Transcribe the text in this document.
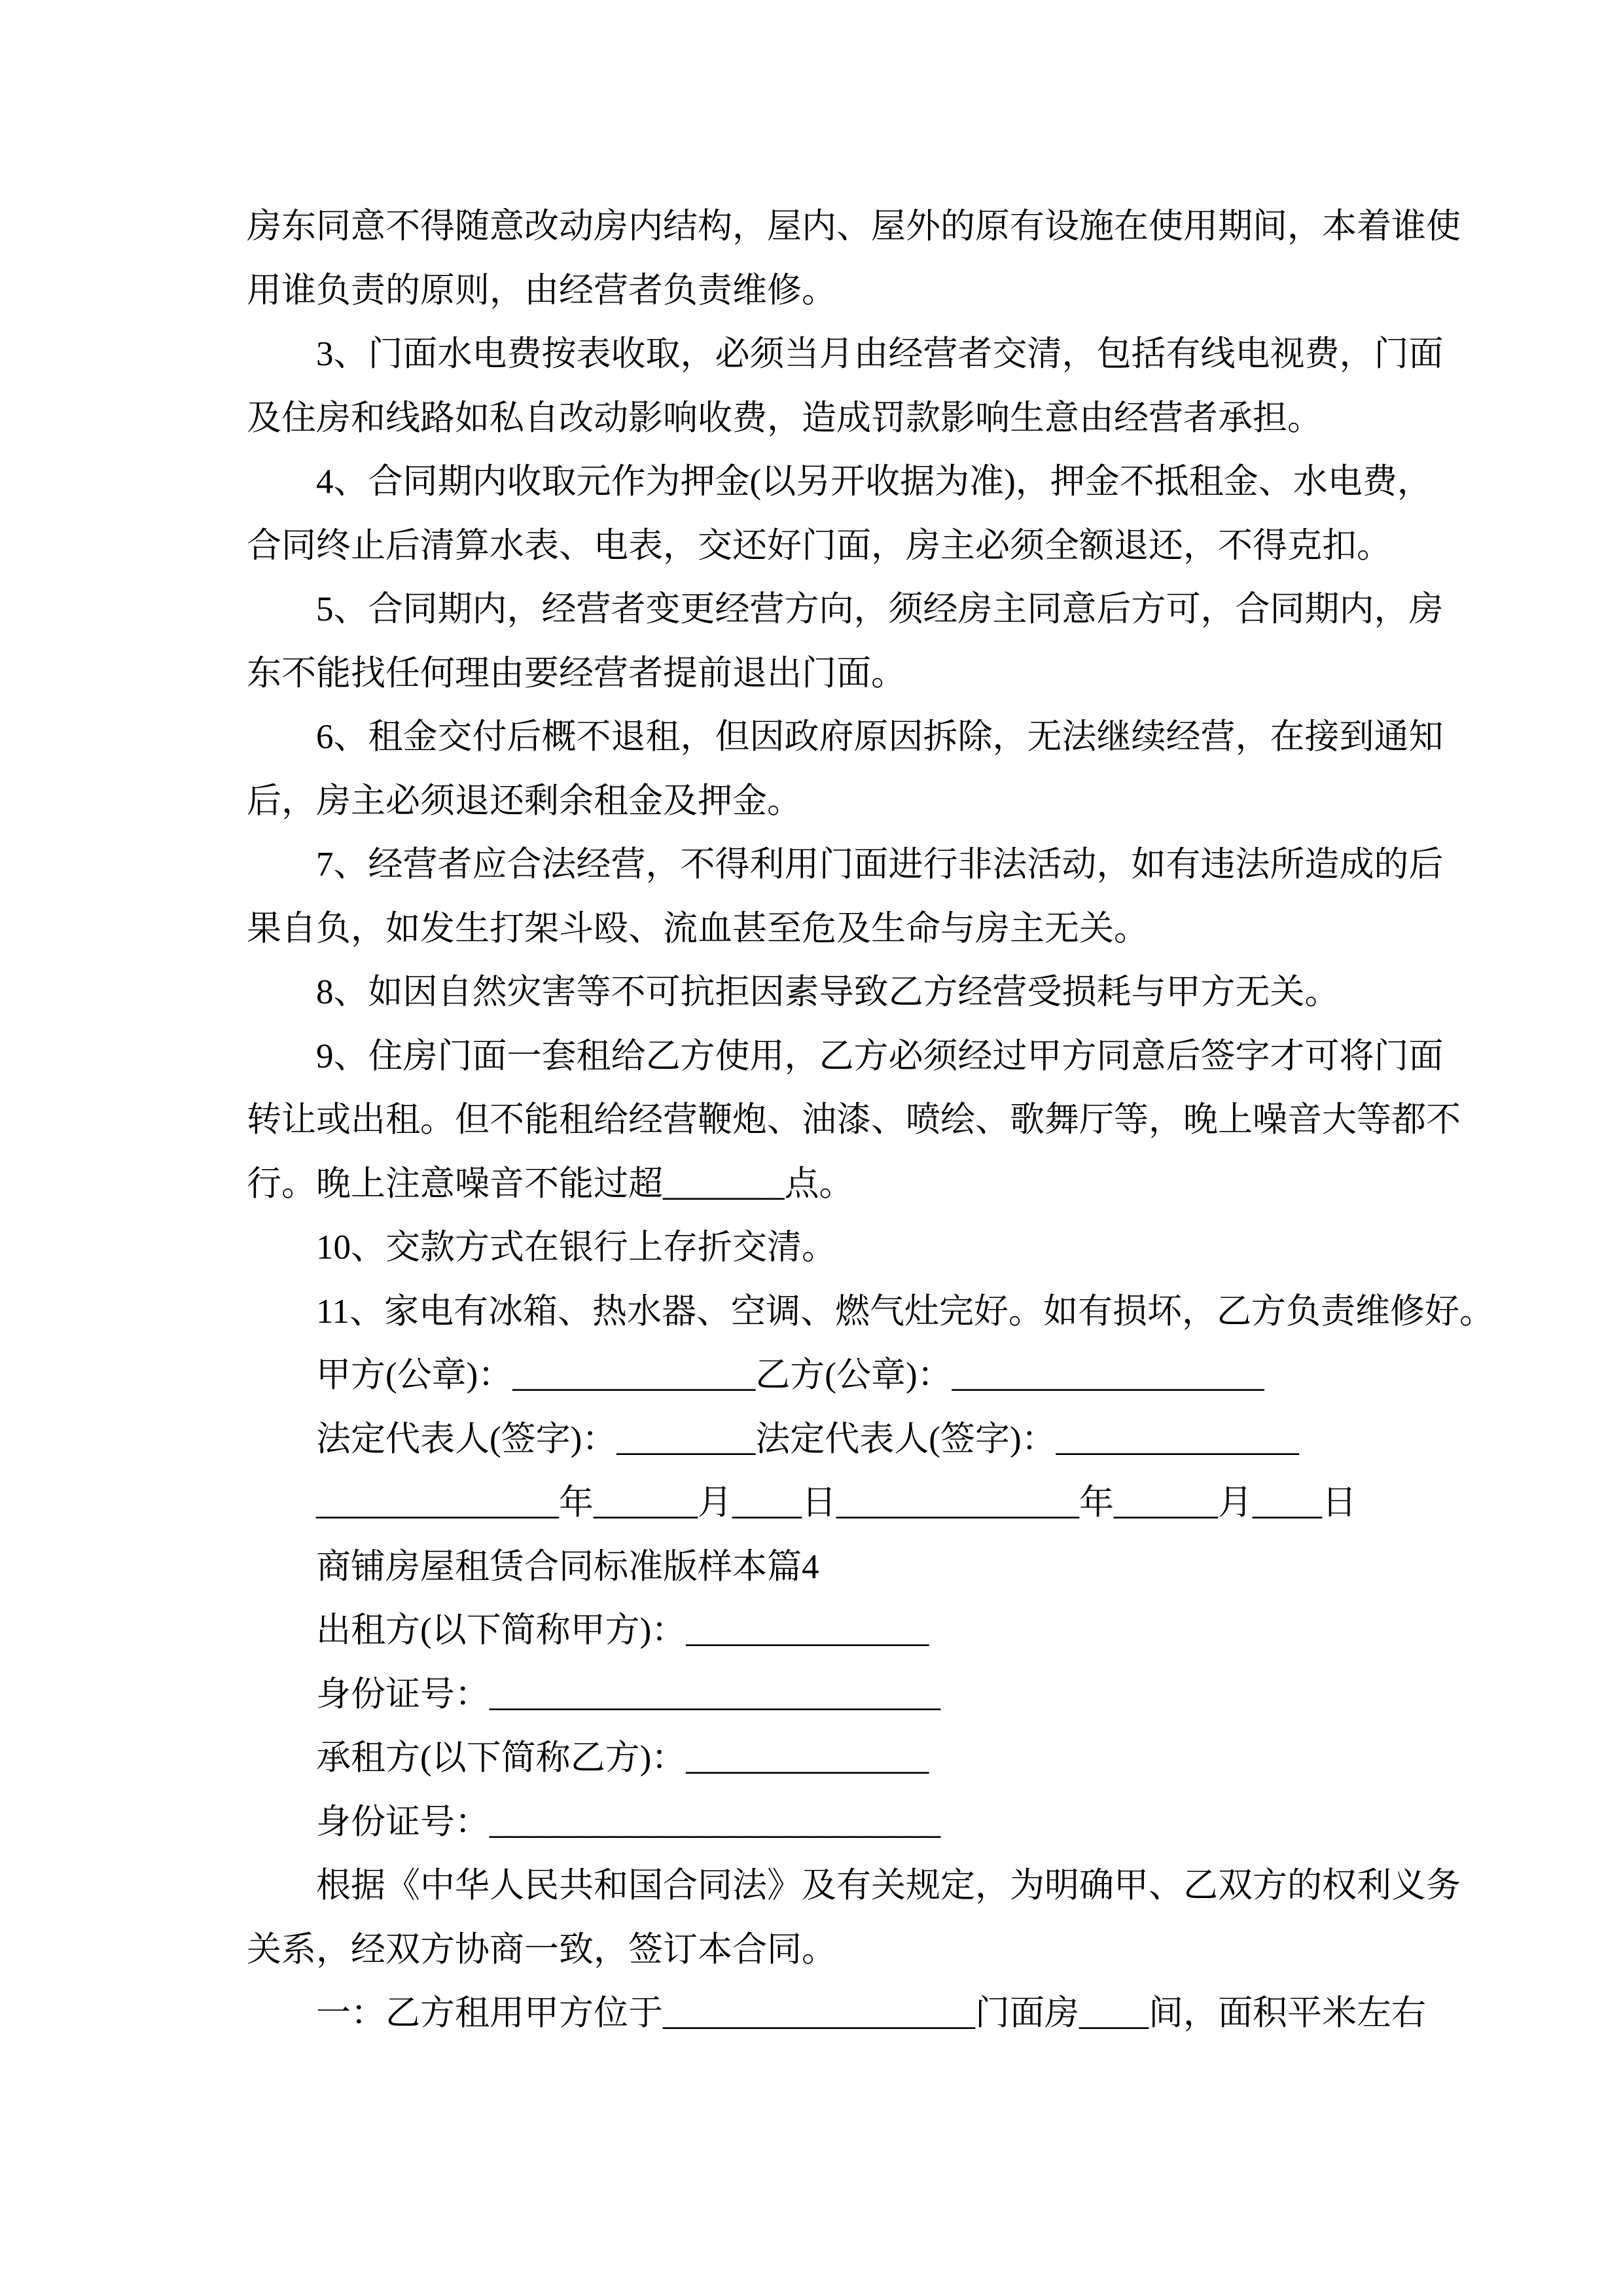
房东同意不得随意改动房内结构，屋内、屋外的原有设施在使用期间，本着谁使
用谁负责的原则，由经营者负责维修。
3、门面水电费按表收取，必须当月由经营者交清，包括有线电视费，门面
及住房和线路如私自改动影响收费，造成罚款影响生意由经营者承担。
4、合同期内收取元作为押金(以另开收据为准)，押金不抵租金、水电费，
合同终止后清算水表、电表，交还好门面，房主必须全额退还，不得克扣。
5、合同期内，经营者变更经营方向，须经房主同意后方可，合同期内，房
东不能找任何理由要经营者提前退出门面。
6、租金交付后概不退租，但因政府原因拆除，无法继续经营，在接到通知
后，房主必须退还剩余租金及押金。
7、经营者应合法经营，不得利用门面进行非法活动，如有违法所造成的后
果自负，如发生打架斗殴、流血甚至危及生命与房主无关。
8、如因自然灾害等不可抗拒因素导致乙方经营受损耗与甲方无关。
9、住房门面一套租给乙方使用，乙方必须经过甲方同意后签字才可将门面
转让或出租。但不能租给经营鞭炮、油漆、喷绘、歌舞厅等，晚上噪音大等都不
行。晚上注意噪音不能过超_______点。
10、交款方式在银行上存折交清。
11、家电有冰箱、热水器、空调、燃气灶完好。如有损坏，乙方负责维修好。
甲方(公章)：______________乙方(公章)：__________________
法定代表人(签字)：________法定代表人(签字)：______________
______________年______月____日______________年______月____日
商铺房屋租赁合同标准版样本篇4
出租方(以下简称甲方)：______________
身份证号：__________________________
承租方(以下简称乙方)：______________
身份证号：__________________________
根据《中华人民共和国合同法》及有关规定，为明确甲、乙双方的权利义务
关系，经双方协商一致，签订本合同。
一：乙方租用甲方位于__________________门面房____间，面积平米左右
